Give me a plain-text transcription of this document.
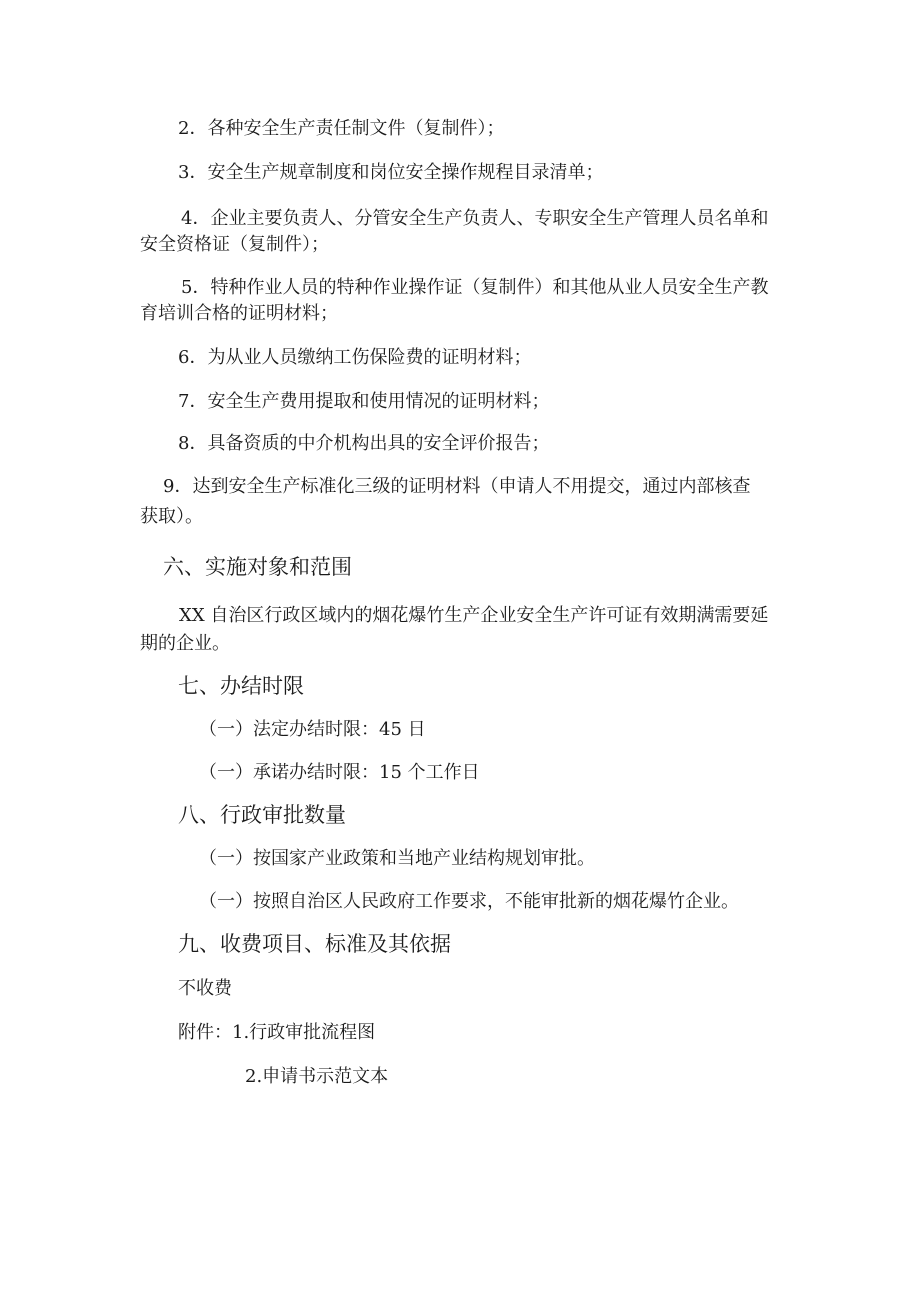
2．各种安全生产责任制文件（复制件）；
3．安全生产规章制度和岗位安全操作规程目录清单；
4．企业主要负责人、分管安全生产负责人、专职安全生产管理人员名单和
安全资格证（复制件）；
5．特种作业人员的特种作业操作证（复制件）和其他从业人员安全生产教
育培训合格的证明材料；
6．为从业人员缴纳工伤保险费的证明材料；
7．安全生产费用提取和使用情况的证明材料；
8．具备资质的中介机构出具的安全评价报告；
9．达到安全生产标准化三级的证明材料（申请人不用提交，通过内部核查
获取）。
六、实施对象和范围
XX 自治区行政区域内的烟花爆竹生产企业安全生产许可证有效期满需要延
期的企业。
七、办结时限
（一）法定办结时限：45 日
（一）承诺办结时限：15 个工作日
八、行政审批数量
（一）按国家产业政策和当地产业结构规划审批。
（一）按照自治区人民政府工作要求，不能审批新的烟花爆竹企业。
九、收费项目、标准及其依据
不收费
附件：1.行政审批流程图
2.申请书示范文本
